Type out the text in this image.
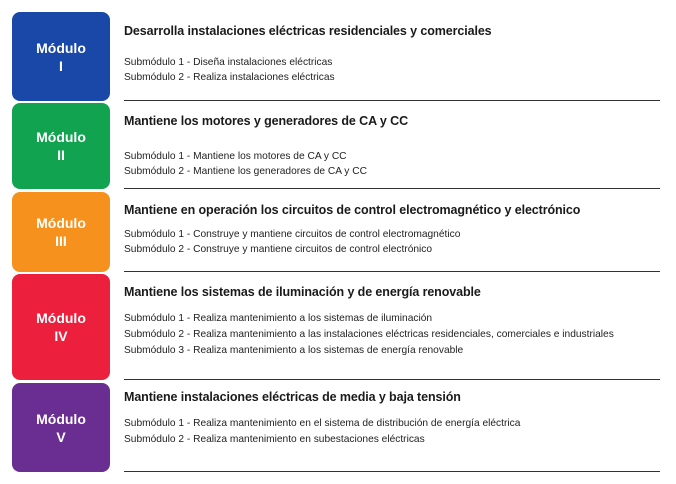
Módulo
I
Desarrolla instalaciones eléctricas residenciales y comerciales
Submódulo 1 - Diseña instalaciones eléctricas
Submódulo 2 - Realiza instalaciones eléctricas
Módulo
II
Mantiene los motores y generadores de CA y CC
Submódulo 1 - Mantiene los motores de CA y CC
Submódulo 2 - Mantiene los generadores de CA y CC
Módulo
III
Mantiene en operación los circuitos de control electromagnético y electrónico
Submódulo 1 - Construye y mantiene circuitos de control electromagnético
Submódulo 2 - Construye y mantiene circuitos de control electrónico
Módulo
IV
Mantiene los sistemas de iluminación y de energía renovable
Submódulo 1 - Realiza mantenimiento a los sistemas de iluminación
Submódulo 2 - Realiza mantenimiento a las instalaciones eléctricas residenciales, comerciales e industriales
Submódulo 3 - Realiza mantenimiento a los sistemas de energía renovable
Módulo
V
Mantiene instalaciones eléctricas de media y baja tensión
Submódulo 1 - Realiza mantenimiento en el sistema de distribución de energía eléctrica
Submódulo 2 - Realiza mantenimiento en subestaciones eléctricas
